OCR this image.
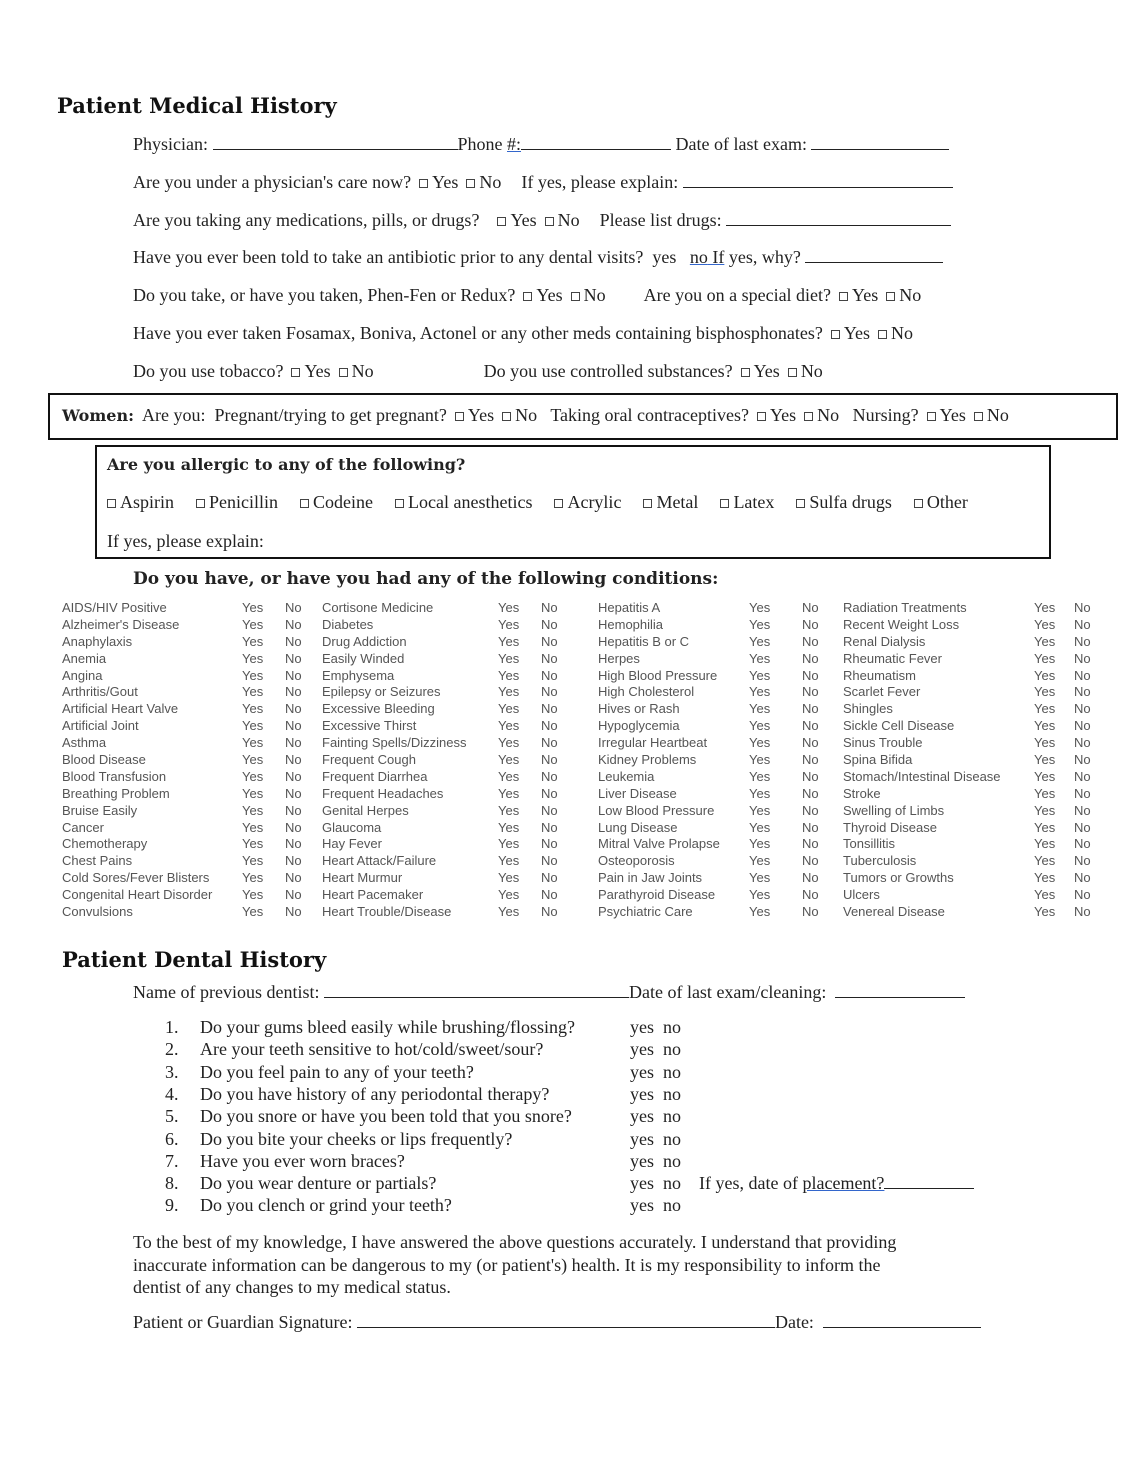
Patient Medical History
Physician:	Phone #:	Date of last exam:
Are you under a physician's care now? Yes No If yes, please explain:
Are you taking any medications, pills, or drugs? Yes No Please list drugs:
Have you ever been told to take an antibiotic prior to any dental visits? yes no If yes, why?
Do you take, or have you taken, Phen-Fen or Redux? Yes No Are you on a special diet? Yes No
Have you ever taken Fosamax, Boniva, Actonel or any other meds containing bisphosphonates? Yes No
Do you use tobacco? Yes No	Do you use controlled substances? Yes No
Women: Are you: Pregnant/trying to get pregnant? Yes No Taking oral contraceptives? Yes No Nursing? Yes No
Are you allergic to any of the following?
Aspirin Penicillin Codeine Local anesthetics Acrylic Metal Latex Sulfa drugs Other
If yes, please explain:
Do you have, or have you had any of the following conditions:
AIDS/HIV Positive	Yes No
Alzheimer's Disease	Yes No
Anaphylaxis	Yes No
Anemia	Yes No
Angina	Yes No
Arthritis/Gout	Yes No
Artificial Heart Valve	Yes No
Artificial Joint	Yes No
Asthma	Yes No
Blood Disease	Yes No
Blood Transfusion	Yes No
Breathing Problem	Yes No
Bruise Easily	Yes No
Cancer	Yes No
Chemotherapy	Yes No
Chest Pains	Yes No
Cold Sores/Fever Blisters	Yes No
Congenital Heart Disorder Yes No
Convulsions	Yes No
Cortisone Medicine	Yes No
Diabetes	Yes No
Drug Addiction	Yes No
Easily Winded	Yes No
Emphysema	Yes No
Epilepsy or Seizures	Yes No
Excessive Bleeding	Yes No
Excessive Thirst	Yes No
Fainting Spells/Dizziness Yes No
Frequent Cough	Yes No
Frequent Diarrhea	Yes No
Frequent Headaches	Yes No
Genital Herpes	Yes No
Glaucoma	Yes No
Hay Fever	Yes No
Heart Attack/Failure	Yes No
Heart Murmur	Yes No
Heart Pacemaker	Yes No
Heart Trouble/Disease	Yes No
Hepatitis A	Yes No
Hemophilia	Yes No
Hepatitis B or C	Yes No
Herpes	Yes No
High Blood Pressure Yes No
High Cholesterol	Yes No
Hives or Rash	Yes No
Hypoglycemia	Yes No
Irregular Heartbeat	Yes No
Kidney Problems	Yes No
Leukemia	Yes No
Liver Disease	Yes No
Low Blood Pressure	Yes No
Lung Disease	Yes No
Mitral Valve Prolapse Yes No
Osteoporosis	Yes No
Pain in Jaw Joints	Yes No
Parathyroid Disease	Yes No
Psychiatric Care	Yes No
Radiation Treatments	Yes No
Recent Weight Loss	Yes No
Renal Dialysis	Yes No
Rheumatic Fever	Yes No
Rheumatism	Yes No
Scarlet Fever	Yes No
Shingles	Yes No
Sickle Cell Disease	Yes No
Sinus Trouble	Yes No
Spina Bifida	Yes No
Stomach/Intestinal Disease	Yes No
Stroke	Yes No
Swelling of Limbs	Yes No
Thyroid Disease	Yes No
Tonsillitis	Yes No
Tuberculosis	Yes No
Tumors or Growths	Yes No
Ulcers	Yes No
Venereal Disease	Yes No
Patient Dental History
Name of previous dentist:	Date of last exam/cleaning:
1. Do your gums bleed easily while brushing/flossing?	yes no
2. Are your teeth sensitive to hot/cold/sweet/sour?	yes no
3. Do you feel pain to any of your teeth?	yes no
4. Do you have history of any periodontal therapy?	yes no
5. Do you snore or have you been told that you snore?	yes no
6. Do you bite your cheeks or lips frequently?	yes no
7. Have you ever worn braces?	yes no
8. Do you wear denture or partials?	yes no If yes, date of placement?
9. Do you clench or grind your teeth?	yes no
To the best of my knowledge, I have answered the above questions accurately. I understand that providing
inaccurate information can be dangerous to my (or patient's) health. It is my responsibility to inform the
dentist of any changes to my medical status.
Patient or Guardian Signature:	Date:
